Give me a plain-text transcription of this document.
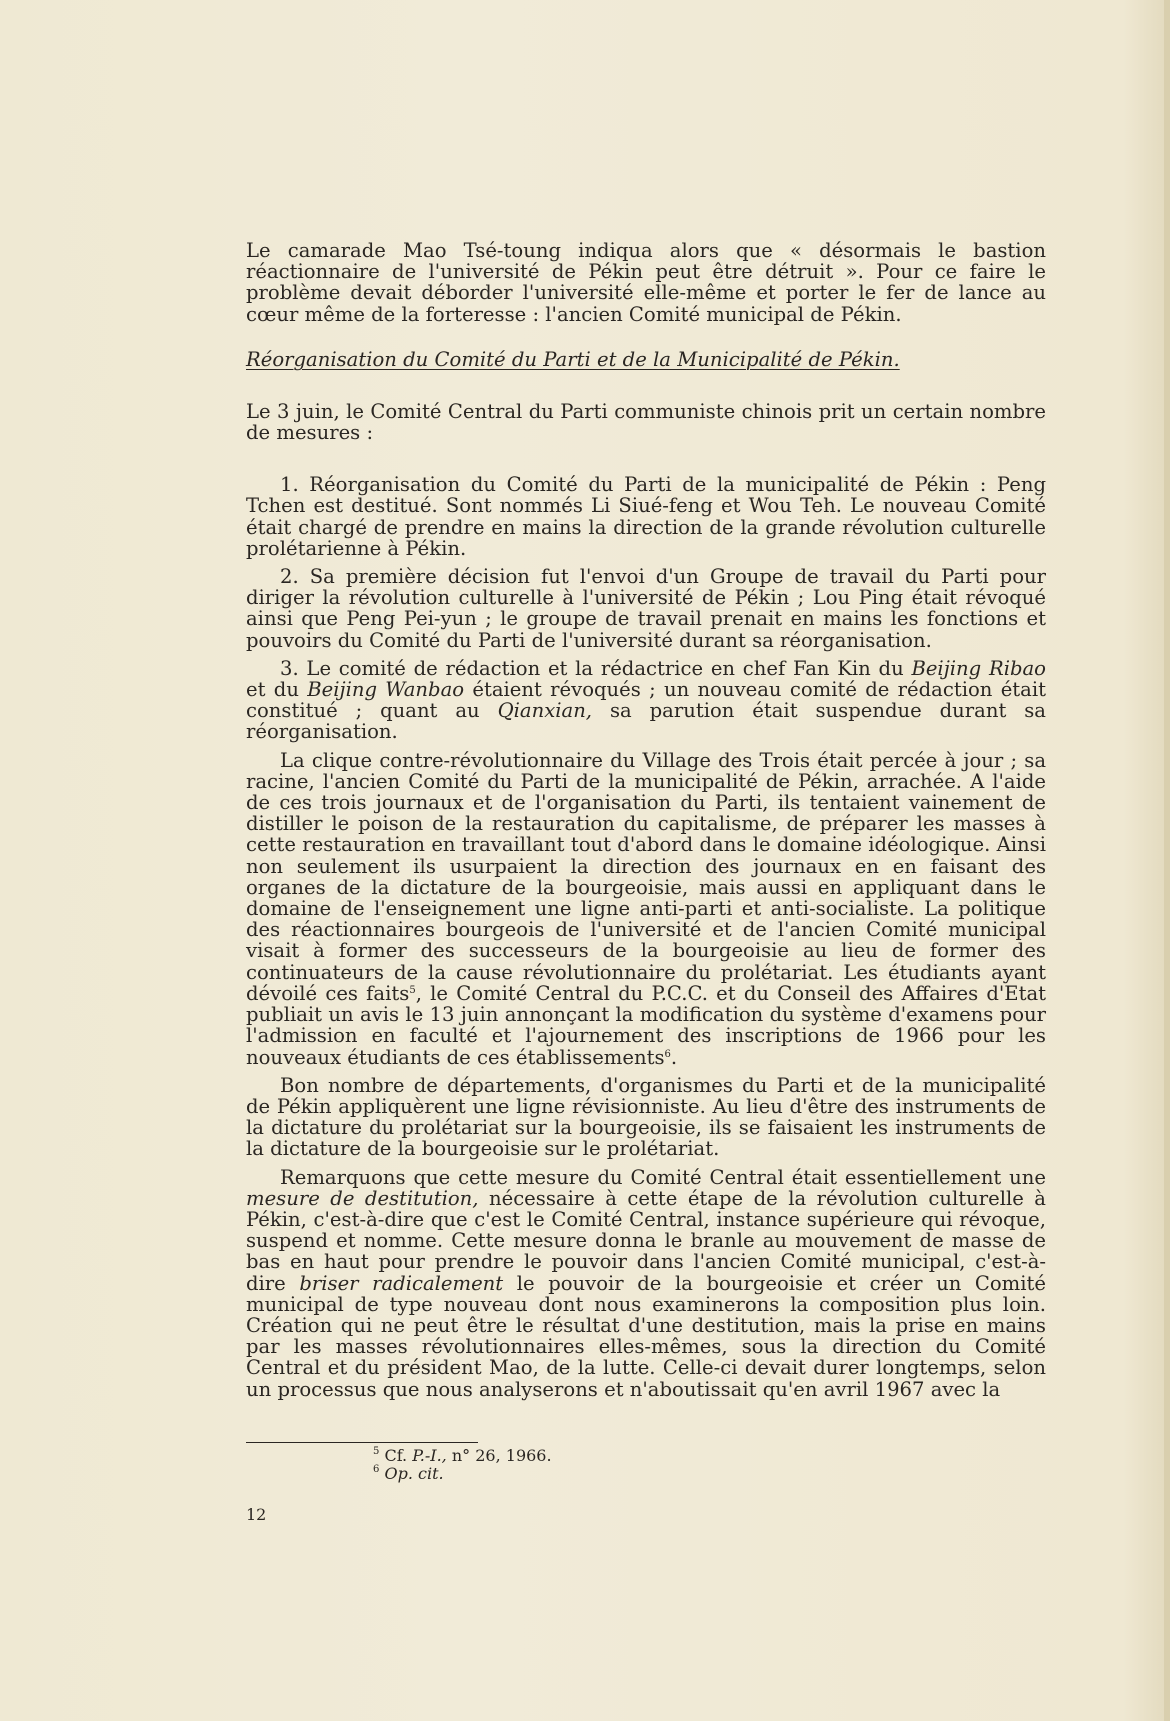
Le camarade Mao Tsé-toung indiqua alors que « désormais le bastion réactionnaire de l'université de Pékin peut être détruit ». Pour ce faire le problème devait déborder l'université elle-même et porter le fer de lance au cœur même de la forteresse : l'ancien Comité municipal de Pékin.

Réorganisation du Comité du Parti et de la Municipalité de Pékin.

Le 3 juin, le Comité Central du Parti communiste chinois prit un certain nombre de mesures :

1. Réorganisation du Comité du Parti de la municipalité de Pékin : Peng Tchen est destitué. Sont nommés Li Siué-feng et Wou Teh. Le nouveau Comité était chargé de prendre en mains la direction de la grande révolution culturelle prolétarienne à Pékin.

2. Sa première décision fut l'envoi d'un Groupe de travail du Parti pour diriger la révolution culturelle à l'université de Pékin ; Lou Ping était révoqué ainsi que Peng Pei-yun ; le groupe de travail prenait en mains les fonctions et pouvoirs du Comité du Parti de l'université durant sa réorganisation.

3. Le comité de rédaction et la rédactrice en chef Fan Kin du Beijing Ribao et du Beijing Wanbao étaient révoqués ; un nouveau comité de rédaction était constitué ; quant au Qianxian, sa parution était suspendue durant sa réorganisation.

La clique contre-révolutionnaire du Village des Trois était percée à jour ; sa racine, l'ancien Comité du Parti de la municipalité de Pékin, arrachée. A l'aide de ces trois journaux et de l'organisation du Parti, ils tentaient vainement de distiller le poison de la restauration du capitalisme, de préparer les masses à cette restauration en travaillant tout d'abord dans le domaine idéologique. Ainsi non seulement ils usurpaient la direction des journaux en en faisant des organes de la dictature de la bourgeoisie, mais aussi en appliquant dans le domaine de l'enseignement une ligne anti-parti et anti-socialiste. La politique des réactionnaires bourgeois de l'université et de l'ancien Comité municipal visait à former des successeurs de la bourgeoisie au lieu de former des continuateurs de la cause révolutionnaire du prolétariat. Les étudiants ayant dévoilé ces faits$^5$, le Comité Central du P.C.C. et du Conseil des Affaires d'Etat publiait un avis le 13 juin annonçant la modification du système d'examens pour l'admission en faculté et l'ajournement des inscriptions de 1966 pour les nouveaux étudiants de ces établissements$^6$.

Bon nombre de départements, d'organismes du Parti et de la municipalité de Pékin appliquèrent une ligne révisionniste. Au lieu d'être des instruments de la dictature du prolétariat sur la bourgeoisie, ils se faisaient les instruments de la dictature de la bourgeoisie sur le prolétariat.

Remarquons que cette mesure du Comité Central était essentiellement une mesure de destitution, nécessaire à cette étape de la révolution culturelle à Pékin, c'est-à-dire que c'est le Comité Central, instance supérieure qui révoque, suspend et nomme. Cette mesure donna le branle au mouvement de masse de bas en haut pour prendre le pouvoir dans l'ancien Comité municipal, c'est-à-dire briser radicalement le pouvoir de la bourgeoisie et créer un Comité municipal de type nouveau dont nous examinerons la composition plus loin. Création qui ne peut être le résultat d'une destitution, mais la prise en mains par les masses révolutionnaires elles-mêmes, sous la direction du Comité Central et du président Mao, de la lutte. Celle-ci devait durer longtemps, selon un processus que nous analyserons et n'aboutissait qu'en avril 1967 avec la

$^5$ Cf. P.-I., n° 26, 1966.
$^6$ Op. cit.
12
